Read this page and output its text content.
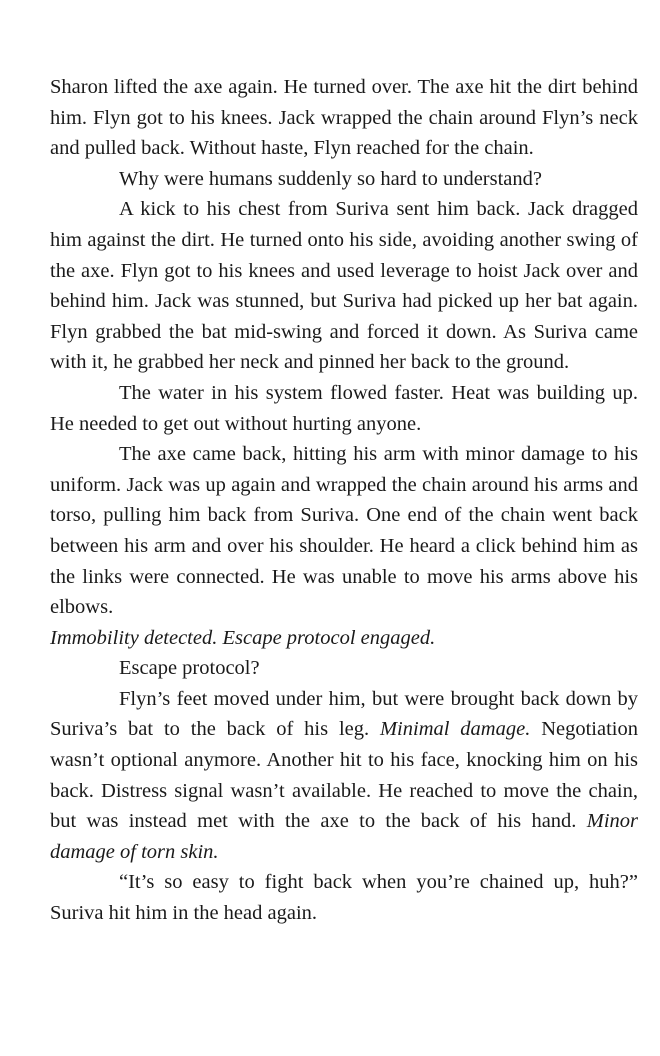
Sharon lifted the axe again. He turned over. The axe hit the dirt behind him. Flyn got to his knees. Jack wrapped the chain around Flyn’s neck and pulled back. Without haste, Flyn reached for the chain.

Why were humans suddenly so hard to understand?

A kick to his chest from Suriva sent him back. Jack dragged him against the dirt. He turned onto his side, avoiding another swing of the axe. Flyn got to his knees and used leverage to hoist Jack over and behind him. Jack was stunned, but Suriva had picked up her bat again. Flyn grabbed the bat mid-swing and forced it down. As Suriva came with it, he grabbed her neck and pinned her back to the ground.

The water in his system flowed faster. Heat was building up. He needed to get out without hurting anyone.

The axe came back, hitting his arm with minor damage to his uniform. Jack was up again and wrapped the chain around his arms and torso, pulling him back from Suriva. One end of the chain went back between his arm and over his shoulder. He heard a click behind him as the links were connected. He was unable to move his arms above his elbows.

Immobility detected. Escape protocol engaged.

Escape protocol?

Flyn’s feet moved under him, but were brought back down by Suriva’s bat to the back of his leg. Minimal damage. Negotiation wasn’t optional anymore. Another hit to his face, knocking him on his back. Distress signal wasn’t available. He reached to move the chain, but was instead met with the axe to the back of his hand. Minor damage of torn skin.

“It’s so easy to fight back when you’re chained up, huh?” Suriva hit him in the head again.
